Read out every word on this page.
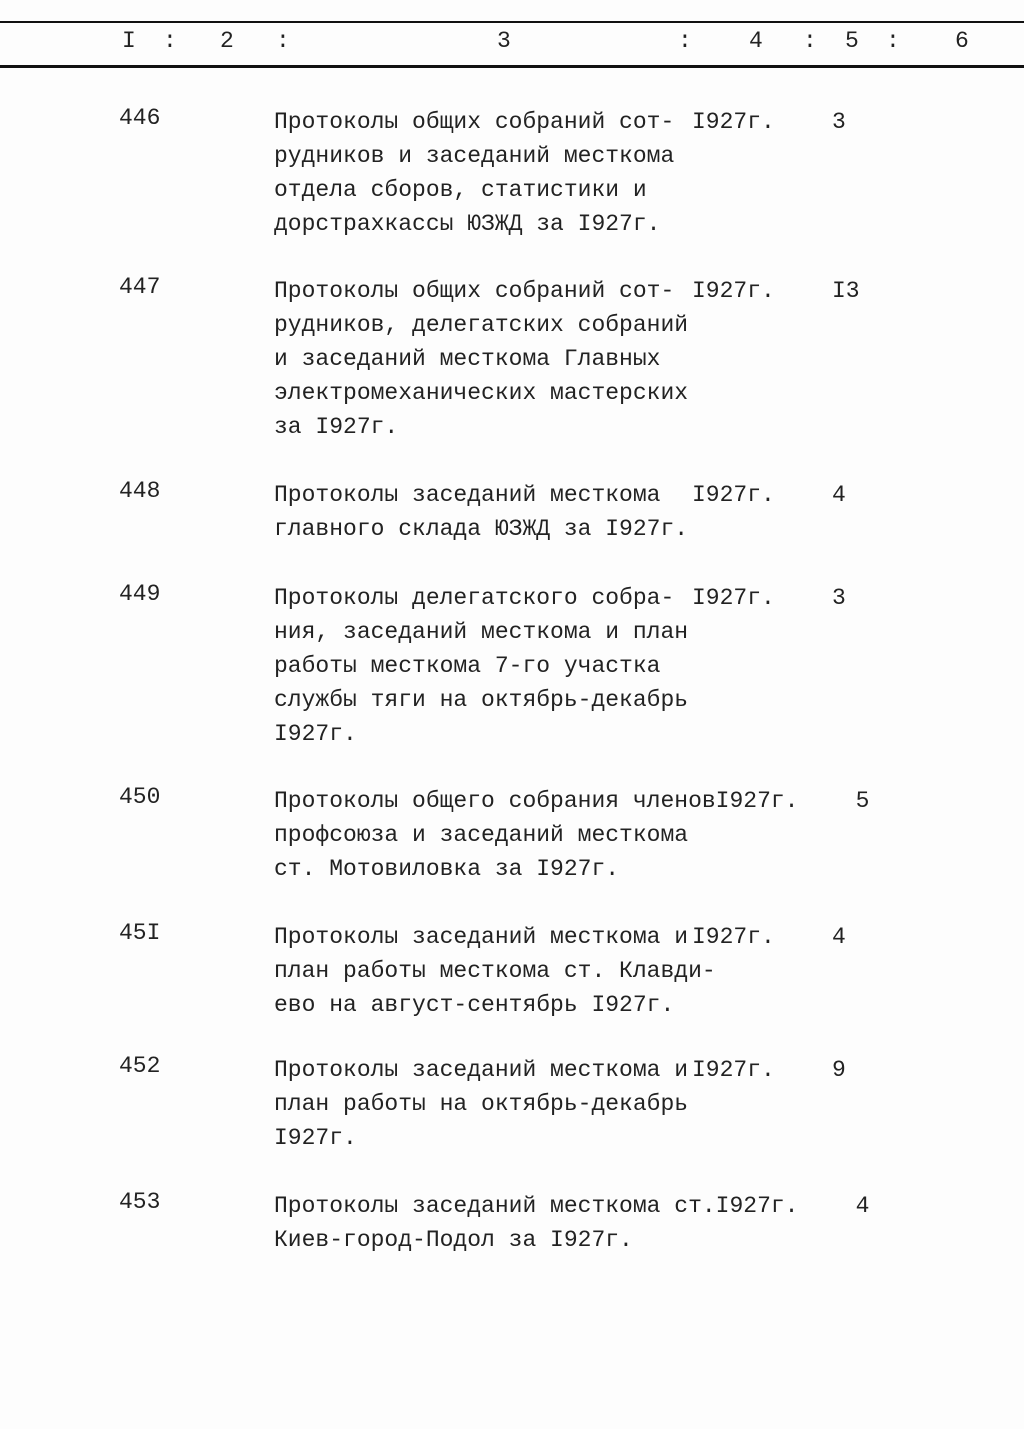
I : 2 :	3	: 4 : 5 : 6
446	Протоколы общих собраний сот- I927г.	3
рудников и заседаний месткома
отдела сборов, статистики и
дорстрахкассы ЮЗЖД за I927г.
447	Протоколы общих собраний сот- I927г.	I3
рудников, делегатских собраний
и заседаний месткома Главных
электромеханических мастерских
за I927г.
448	Протоколы заседаний месткома	I927г.	4
главного склада ЮЗЖД за I927г.
449	Протоколы делегатского собра- I927г.	3
ния, заседаний месткома и план
работы месткома 7-го участка
службы тяги на октябрь-декабрь
I927г.
450	Протоколы общего собрания членов I927г.	5
профсоюза и заседаний месткома
ст. Мотовиловка за I927г.
45I	Протоколы заседаний месткома и I927г.	4
план работы месткома ст. Клавди-
ево на август-сентябрь I927г.
452	Протоколы заседаний месткома и I927г.	9
план работы на октябрь-декабрь
I927г.
453	Протоколы заседаний месткома ст. I927г.	4
Киев-город-Подол за I927г.
